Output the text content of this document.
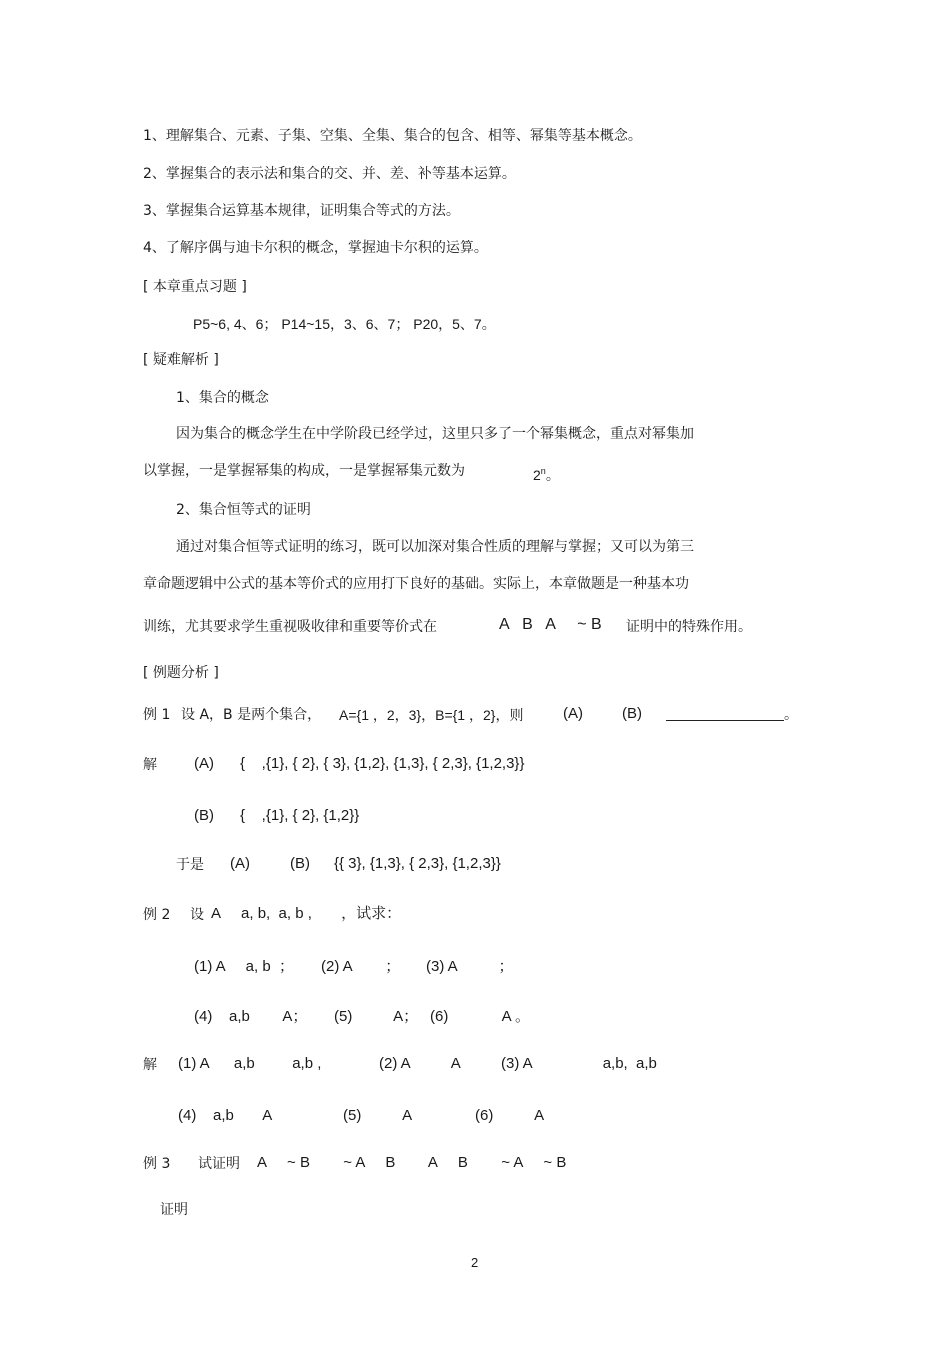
1、理解集合、元素、子集、空集、全集、集合的包含、相等、幂集等基本概念。
2、掌握集合的表示法和集合的交、并、差、补等基本运算。
3、掌握集合运算基本规律，证明集合等式的方法。
4、了解序偶与迪卡尔积的概念，掌握迪卡尔积的运算。
[ 本章重点习题 ]
P5~6, 4、6； P14~15，3、6、7； P20，5、7。
[ 疑难解析 ]
1、集合的概念
因为集合的概念学生在中学阶段已经学过，这里只多了一个幂集概念，重点对幂集加
以掌握，一是掌握幂集的构成，一是掌握幂集元数为	2$^n$。
2、集合恒等式的证明
通过对集合恒等式证明的练习，既可以加深对集合性质的理解与掌握；又可以为第三
章命题逻辑中公式的基本等价式的应用打下良好的基础。实际上，本章做题是一种基本功
训练，尤其要求学生重视吸收律和重要等价式在	A   B   A     ~ B 证明中的特殊作用。
[ 例题分析 ]
例 1 设 A，B 是两个集合， A={1 ，2，3}，B={1 ，2}，则	(A)	(B)	。
解 (A) {    ,{1}, { 2}, { 3}, {1,2}, {1,3}, { 2,3}, {1,2,3}}
(B) {    ,{1}, { 2}, {1,2}}
于是 (A)	(B) {{ 3}, {1,3}, { 2,3}, {1,2,3}}
例 2 设 A     a, b,  a, b ,       ，试求：
(1) A     a, b  ； (2) A        ； (3) A          ；
(4)    a,b        A； (5)          A； (6)             A 。
解 (1) A      a,b         a,b ,	(2) A          A	(3) A                 a,b,  a,b
(4)    a,b       A	(5)          A	(6)          A
例 3 试证明 A     ~ B        ~ A     B        A     B        ~ A     ~ B
证明
2
